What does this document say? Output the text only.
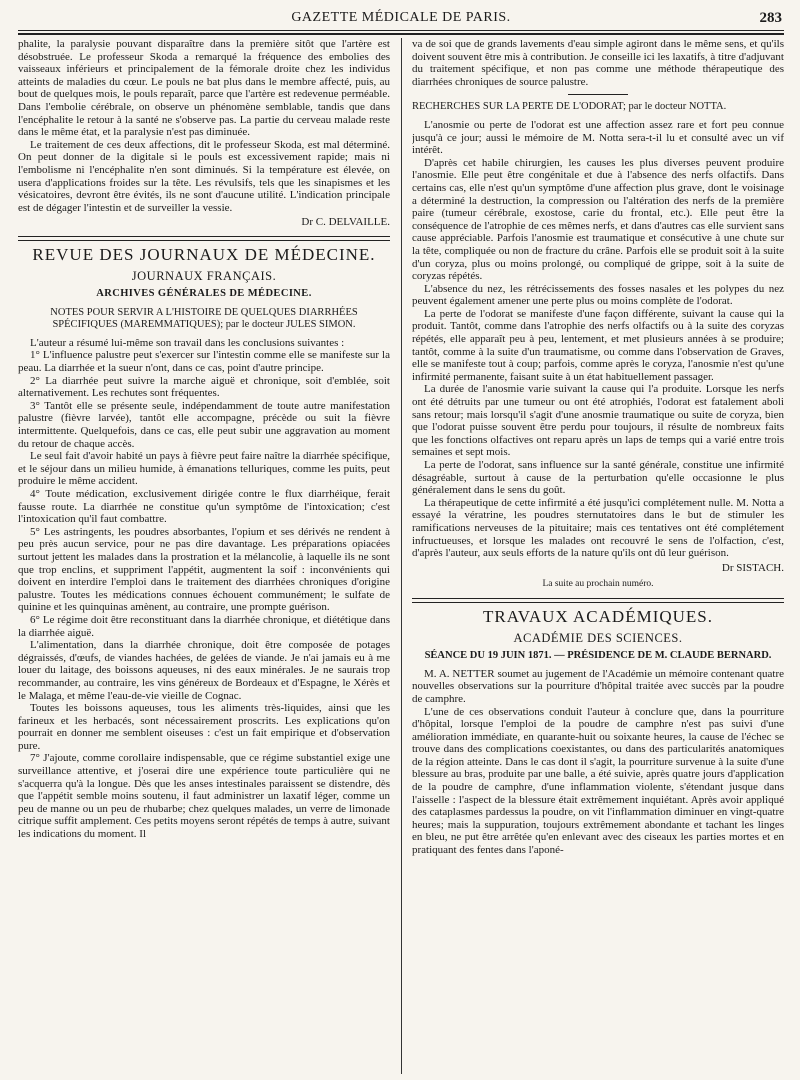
GAZETTE MÉDICALE DE PARIS.	283

phalite, la paralysie pouvant disparaître dans la première sitôt que l'artère est désobstruée. Le professeur Skoda a remarqué la fréquence des embolies des vaisseaux inférieurs et principalement de la fémorale droite chez les individus atteints de maladies du cœur. Le pouls ne bat plus dans le membre affecté, puis, au bout de quelques mois, le pouls reparaît, parce que l'artère est redevenue perméable. Dans l'embolie cérébrale, on observe un phénomène semblable, tandis que dans l'encéphalite le retour à la santé ne s'observe pas. La partie du cerveau malade reste dans le même état, et la paralysie n'est pas diminuée.

Le traitement de ces deux affections, dit le professeur Skoda, est mal déterminé. On peut donner de la digitale si le pouls est excessivement rapide; mais ni l'embolisme ni l'encéphalite n'en sont diminués. Si la température est élevée, on usera d'applications froides sur la tête. Les révulsifs, tels que les sinapismes et les vésicatoires, devront être évités, ils ne sont d'aucune utilité. L'indication principale est de dégager l'intestin et de surveiller la vessie.

Dr C. DELVAILLE.
REVUE DES JOURNAUX DE MÉDECINE.
JOURNAUX FRANÇAIS.
ARCHIVES GÉNÉRALES DE MÉDECINE.

NOTES POUR SERVIR A L'HISTOIRE DE QUELQUES DIARRHÉES SPÉCIFIQUES (MAREMMATIQUES); par le docteur JULES SIMON.

L'auteur a résumé lui-même son travail dans les conclusions suivantes :

1° L'influence palustre peut s'exercer sur l'intestin comme elle se manifeste sur la peau. La diarrhée et la sueur n'ont, dans ce cas, point d'autre principe.

2° La diarrhée peut suivre la marche aiguë et chronique, soit d'emblée, soit alternativement. Les rechutes sont fréquentes.

3° Tantôt elle se présente seule, indépendamment de toute autre manifestation palustre (fièvre larvée), tantôt elle accompagne, précède ou suit la fièvre intermittente. Quelquefois, dans ce cas, elle peut subir une aggravation au moment du retour de chaque accès.

Le seul fait d'avoir habité un pays à fièvre peut faire naître la diarrhée spécifique, et le séjour dans un milieu humide, à émanations telluriques, comme les puits, peut produire le même accident.

4° Toute médication, exclusivement dirigée contre le flux diarrhéique, ferait fausse route. La diarrhée ne constitue qu'un symptôme de l'intoxication; c'est l'intoxication qu'il faut combattre.

5° Les astringents, les poudres absorbantes, l'opium et ses dérivés ne rendent à peu près aucun service, pour ne pas dire davantage. Les préparations opiacées surtout jettent les malades dans la prostration et la mélancolie, à laquelle ils ne sont que trop enclins, et suppriment l'appétit, augmentent la soif : inconvénients qui doivent en interdire l'emploi dans le traitement des diarrhées chroniques d'origine palustre. Toutes les médications connues échouent communément; le sulfate de quinine et les quinquinas amènent, au contraire, une prompte guérison.

6° Le régime doit être reconstituant dans la diarrhée chronique, et diététique dans la diarrhée aiguë.

L'alimentation, dans la diarrhée chronique, doit être composée de potages dégraissés, d'œufs, de viandes hachées, de gelées de viande. Je n'ai jamais eu à me louer du laitage, des boissons aqueuses, ni des eaux minérales. Je ne saurais trop recommander, au contraire, les vins généreux de Bordeaux et d'Espagne, le Xérès et le Malaga, et même l'eau-de-vie vieille de Cognac.

Toutes les boissons aqueuses, tous les aliments très-liquides, ainsi que les farineux et les herbacés, sont nécessairement proscrits. Les explications qu'on pourrait en donner me semblent oiseuses : c'est un fait empirique et d'observation pure.

7° J'ajoute, comme corollaire indispensable, que ce régime substantiel exige une surveillance attentive, et j'oserai dire une expérience toute particulière qui ne s'acquerra qu'à la longue. Dès que les anses intestinales paraissent se distendre, dès que l'appétit semble moins soutenu, il faut administrer un laxatif léger, comme un peu de manne ou un peu de rhubarbe; chez quelques malades, un verre de limonade citrique suffit amplement. Ces petits moyens seront répétés de temps à autre, suivant les indications du moment. Il

va de soi que de grands lavements d'eau simple agiront dans le même sens, et qu'ils doivent souvent être mis à contribution. Je conseille ici les laxatifs, à titre d'adjuvant du traitement spécifique, et non pas comme une méthode thérapeutique des diarrhées chroniques de source palustre.

RECHERCHES SUR LA PERTE DE L'ODORAT; par le docteur NOTTA.

L'anosmie ou perte de l'odorat est une affection assez rare et fort peu connue jusqu'à ce jour; aussi le mémoire de M. Notta sera-t-il lu et consulté avec un vif intérêt.

D'après cet habile chirurgien, les causes les plus diverses peuvent produire l'anosmie. Elle peut être congénitale et due à l'absence des nerfs olfactifs. Dans certains cas, elle n'est qu'un symptôme d'une affection plus grave, dont le voisinage a déterminé la destruction, la compression ou l'altération des nerfs de la première paire (tumeur cérébrale, exostose, carie du frontal, etc.). Elle peut être la conséquence de l'atrophie de ces mêmes nerfs, et dans d'autres cas elle survient sans cause appréciable. Parfois l'anosmie est traumatique et consécutive à une chute sur la tête, compliquée ou non de fracture du crâne. Parfois elle se produit soit à la suite d'un coryza, plus ou moins prolongé, ou compliqué de grippe, soit à la suite de coryzas répétés.

L'absence du nez, les rétrécissements des fosses nasales et les polypes du nez peuvent également amener une perte plus ou moins complète de l'odorat.

La perte de l'odorat se manifeste d'une façon différente, suivant la cause qui la produit. Tantôt, comme dans l'atrophie des nerfs olfactifs ou à la suite des coryzas répétés, elle apparaît peu à peu, lentement, et met plusieurs années à se produire; tantôt, comme à la suite d'un traumatisme, ou comme dans l'observation de Graves, elle se manifeste tout à coup; parfois, comme après le coryza, l'anosmie n'est qu'une infirmité permanente, faisant suite à un état habituellement passager.

La durée de l'anosmie varie suivant la cause qui l'a produite. Lorsque les nerfs ont été détruits par une tumeur ou ont été atrophiés, l'odorat est fatalement aboli sans retour; mais lorsqu'il s'agit d'une anosmie traumatique ou suite de coryza, bien que l'odorat puisse souvent être perdu pour toujours, il résulte de nombreux faits que les fonctions olfactives ont reparu après un laps de temps qui a varié entre trois semaines et sept mois.

La perte de l'odorat, sans influence sur la santé générale, constitue une infirmité désagréable, surtout à cause de la perturbation qu'elle occasionne le plus généralement dans le sens du goût.

La thérapeutique de cette infirmité a été jusqu'ici complétement nulle. M. Notta a essayé la vératrine, les poudres sternutatoires dans le but de stimuler les ramifications nerveuses de la pituitaire; mais ces tentatives ont été complétement infructueuses, et lorsque les malades ont recouvré le sens de l'olfaction, c'est, d'après l'auteur, aux seuls efforts de la nature qu'ils ont dû leur guérison.

Dr SISTACH.
La suite au prochain numéro.
TRAVAUX ACADÉMIQUES.
ACADÉMIE DES SCIENCES.

SÉANCE DU 19 JUIN 1871. — PRÉSIDENCE DE M. CLAUDE BERNARD.

M. A. NETTER soumet au jugement de l'Académie un mémoire contenant quatre nouvelles observations sur la pourriture d'hôpital traitée avec succès par la poudre de camphre.

L'une de ces observations conduit l'auteur à conclure que, dans la pourriture d'hôpital, lorsque l'emploi de la poudre de camphre n'est pas suivi d'une amélioration immédiate, en quarante-huit ou soixante heures, la cause de l'échec se trouve dans des complications coexistantes, ou dans des particularités anatomiques de la région atteinte. Dans le cas dont il s'agit, la pourriture survenue à la suite d'une blessure au bras, produite par une balle, a été suivie, après quatre jours d'application de la poudre de camphre, d'une inflammation violente, s'étendant jusque dans l'aisselle : l'aspect de la blessure était extrêmement inquiétant. Après avoir appliqué des cataplasmes pardessus la poudre, on vit l'inflammation diminuer en vingt-quatre heures; mais la suppuration, toujours extrêmement abondante et tachant les linges en bleu, ne put être arrêtée qu'en enlevant avec des ciseaux les parties mortes et en pratiquant des fentes dans l'aponé-
